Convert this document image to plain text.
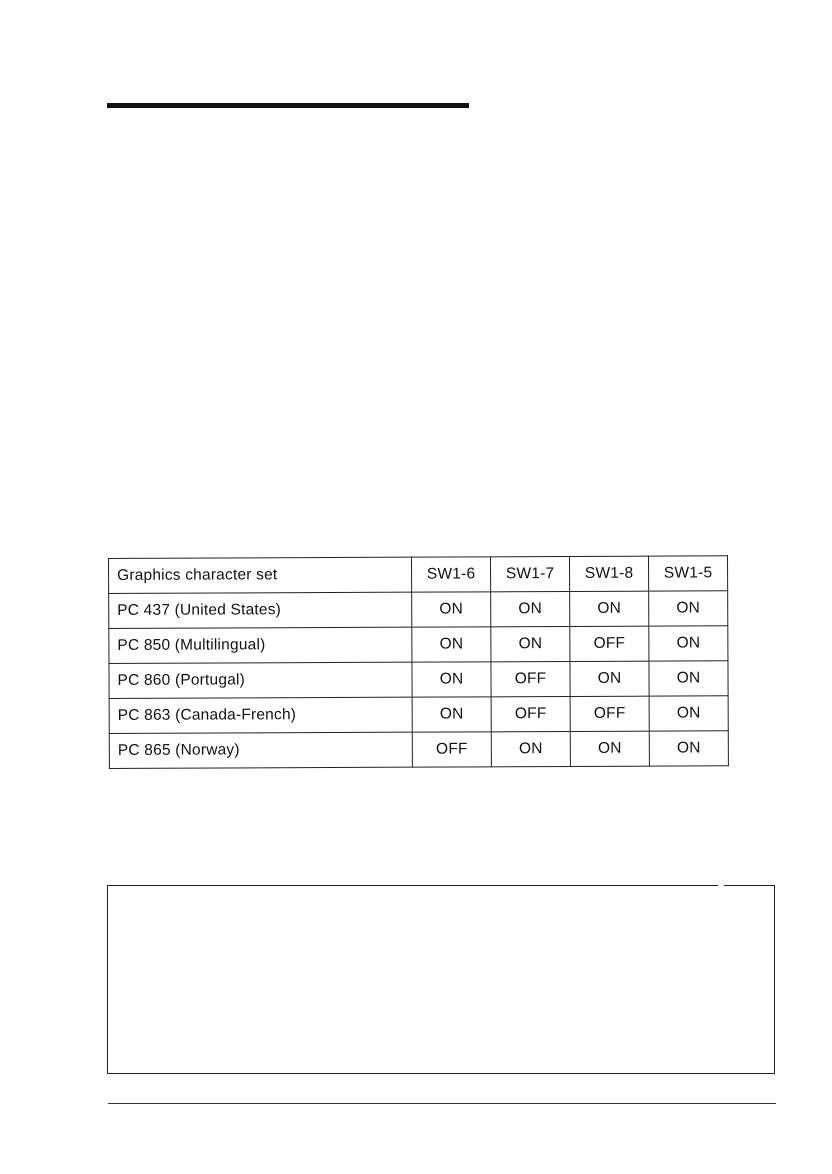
Graphics character set	SW1-6	SW1-7	SW1-8	SW1-5
PC 437 (United States)	ON	ON	ON	ON
PC 850 (Multilingual)	ON	ON	OFF	ON
PC 860 (Portugal)	ON	OFF	ON	ON
PC 863 (Canada-French)	ON	OFF	OFF	ON
PC 865 (Norway)	OFF	ON	ON	ON
